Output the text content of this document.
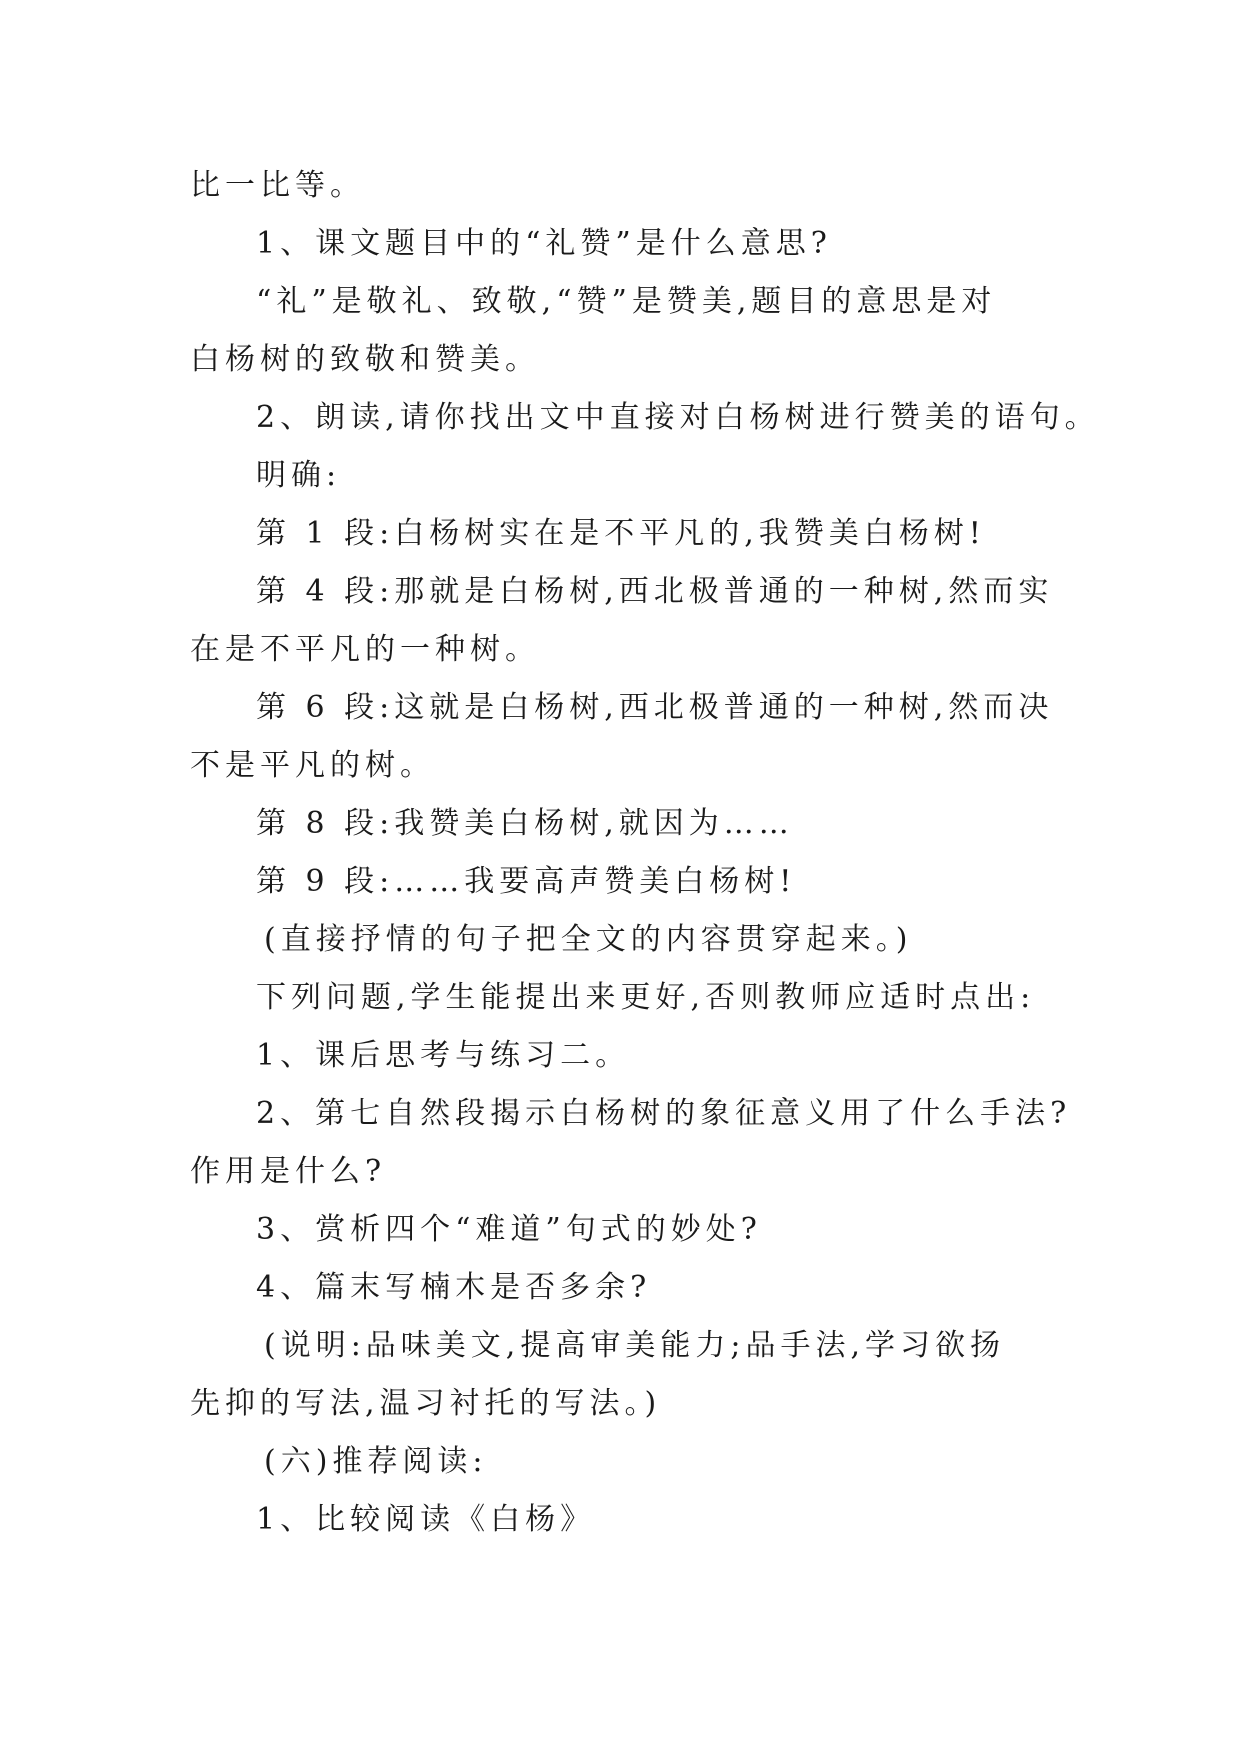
比一比等。

1、课文题目中的“礼赞”是什么意思?

“礼”是敬礼、致敬,“赞”是赞美,题目的意思是对

白杨树的致敬和赞美。

2、朗读,请你找出文中直接对白杨树进行赞美的语句。

明确:

第 1 段:白杨树实在是不平凡的,我赞美白杨树!

第 4 段:那就是白杨树,西北极普通的一种树,然而实

在是不平凡的一种树。

第 6 段:这就是白杨树,西北极普通的一种树,然而决

不是平凡的树。

第 8 段:我赞美白杨树,就因为……

第 9 段:……我要高声赞美白杨树!

(直接抒情的句子把全文的内容贯穿起来。)

下列问题,学生能提出来更好,否则教师应适时点出:

1、课后思考与练习二。

2、第七自然段揭示白杨树的象征意义用了什么手法?

作用是什么?

3、赏析四个“难道”句式的妙处?

4、篇末写楠木是否多余?

(说明:品味美文,提高审美能力;品手法,学习欲扬

先抑的写法,温习衬托的写法。)

(六)推荐阅读:

1、比较阅读《白杨》
